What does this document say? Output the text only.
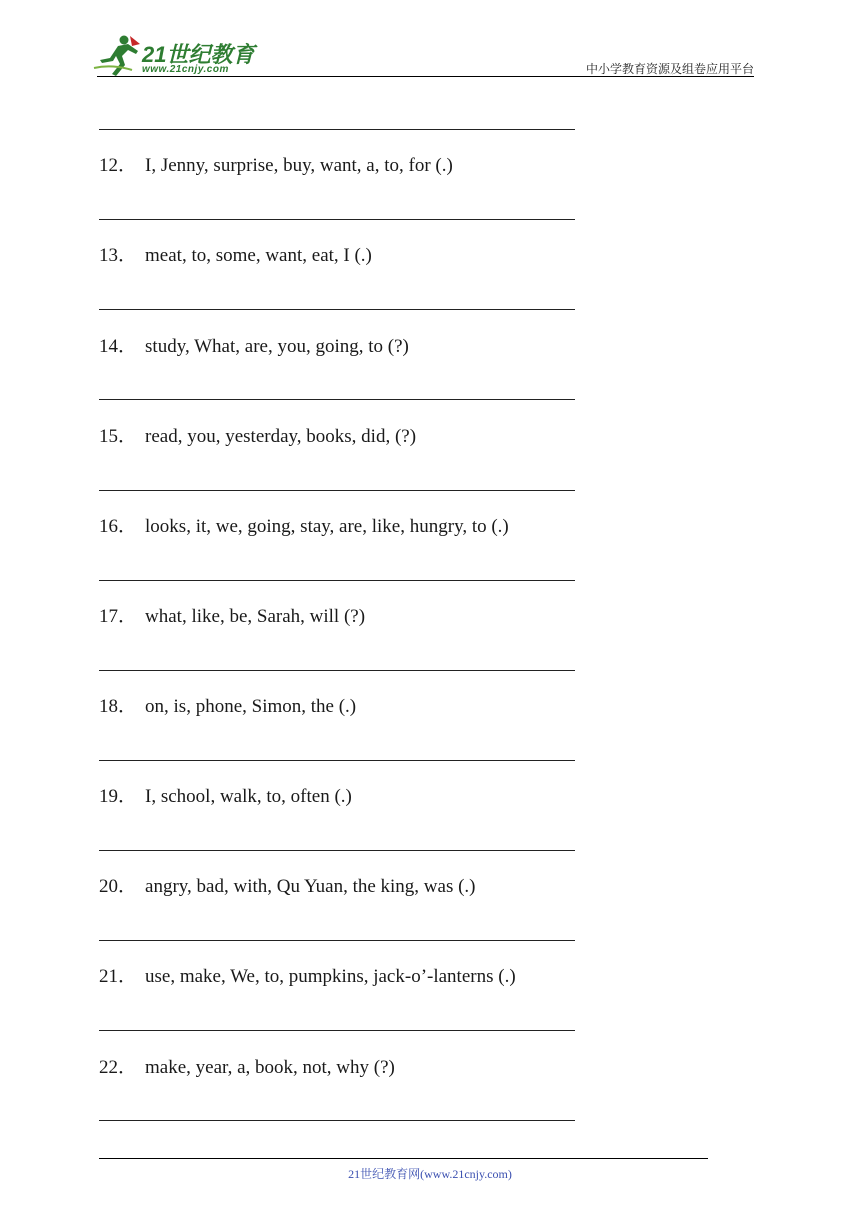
21世纪教育
www.21cnjy.com	中小学教育资源及组卷应用平台
12． I, Jenny, surprise, buy, want, a, to, for (.)
13． meat, to, some, want, eat, I (.)
14． study, What, are, you, going, to (?)
15． read, you, yesterday, books, did, (?)
16． looks, it, we, going, stay, are, like, hungry, to (.)
17． what, like, be, Sarah, will (?)
18． on, is, phone, Simon, the (.)
19． I, school, walk, to, often (.)
20． angry, bad, with, Qu Yuan, the king, was (.)
21． use, make, We, to, pumpkins, jack-o’-lanterns (.)
22． make, year, a, book, not, why (?)
21世纪教育网(www.21cnjy.com)
